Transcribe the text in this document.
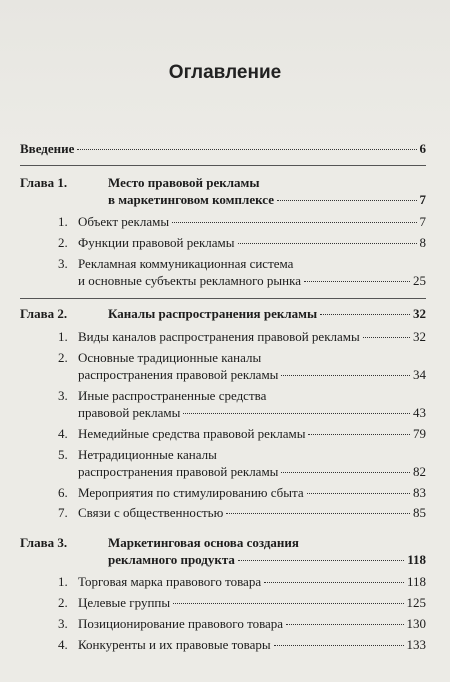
Оглавление
Введение	6
Глава 1.	Место правовой рекламы
в маркетинговом комплексе	7
1. Объект рекламы	7
2. Функции правовой рекламы	8
3. Рекламная коммуникационная система
и основные субъекты рекламного рынка	25
Глава 2.	Каналы распространения рекламы	32
1. Виды каналов распространения правовой рекламы	32
2. Основные традиционные каналы
распространения правовой рекламы	34
3. Иные распространенные средства
правовой рекламы	43
4. Немедийные средства правовой рекламы	79
5. Нетрадиционные каналы
распространения правовой рекламы	82
6. Мероприятия по стимулированию сбыта	83
7. Связи с общественностью	85
Глава 3.	Маркетинговая основа создания
рекламного продукта	118
1. Торговая марка правового товара	118
2. Целевые группы	125
3. Позиционирование правового товара	130
4. Конкуренты и их правовые товары	133
